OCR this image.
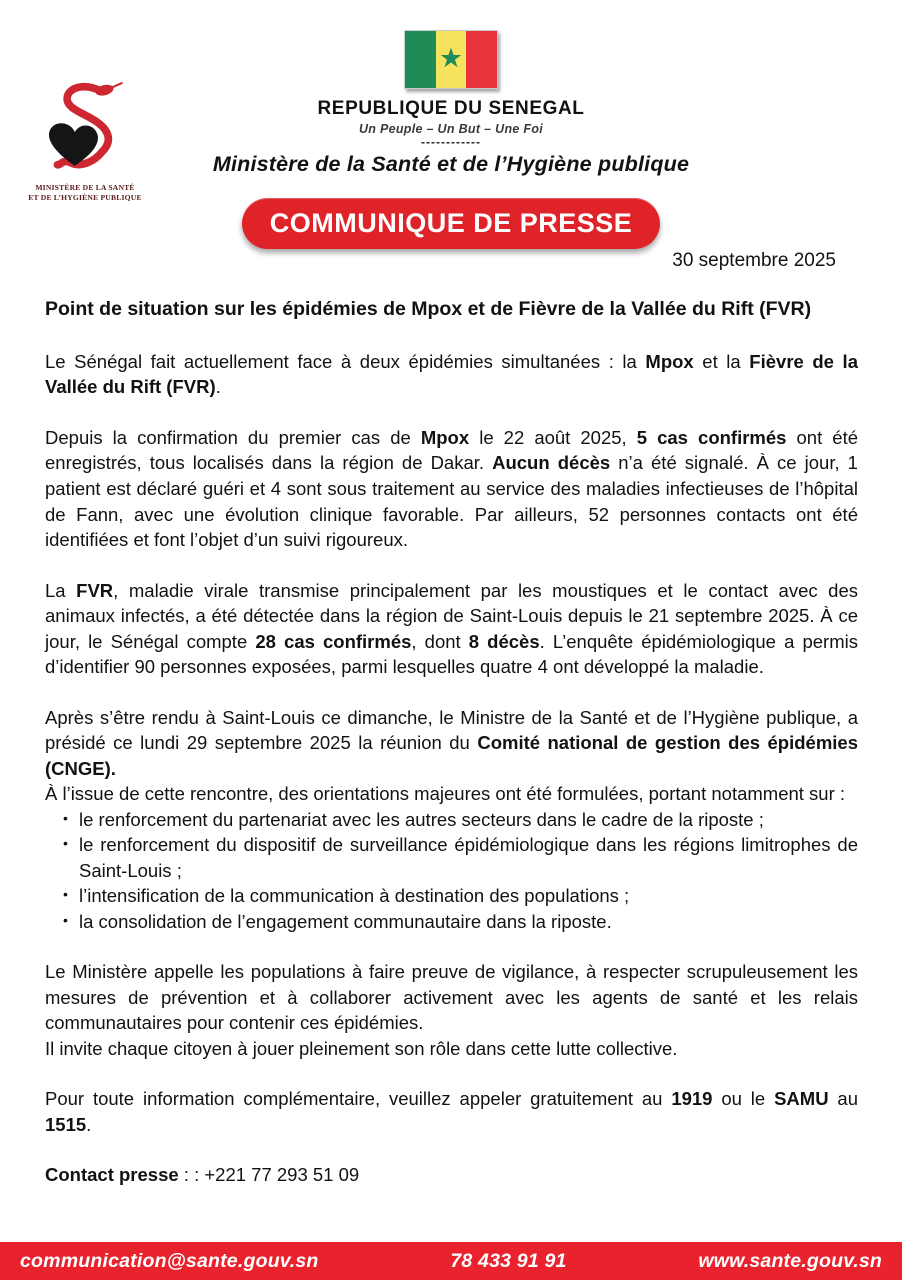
MINISTÈRE DE LA SANTÉ
ET DE L’HYGIÈNE PUBLIQUE
★
REPUBLIQUE DU SENEGAL
Un Peuple – Un But – Une Foi
------------
Ministère de la Santé et de l’Hygiène publique
COMMUNIQUE DE PRESSE
30 septembre 2025
Point de situation sur les épidémies de Mpox et de Fièvre de la Vallée du Rift (FVR)

Le Sénégal fait actuellement face à deux épidémies simultanées : la Mpox et la Fièvre de la Vallée du Rift (FVR).

Depuis la confirmation du premier cas de Mpox le 22 août 2025, 5 cas confirmés ont été enregistrés, tous localisés dans la région de Dakar. Aucun décès n’a été signalé. À ce jour, 1 patient est déclaré guéri et 4 sont sous traitement au service des maladies infectieuses de l’hôpital de Fann, avec une évolution clinique favorable. Par ailleurs, 52 personnes contacts ont été identifiées et font l’objet d’un suivi rigoureux.

La FVR, maladie virale transmise principalement par les moustiques et le contact avec des animaux infectés, a été détectée dans la région de Saint-Louis depuis le 21 septembre 2025. À ce jour, le Sénégal compte 28 cas confirmés, dont 8 décès. L’enquête épidémiologique a permis d’identifier 90 personnes exposées, parmi lesquelles quatre 4 ont développé la maladie.

Après s’être rendu à Saint-Louis ce dimanche, le Ministre de la Santé et de l’Hygiène publique, a présidé ce lundi 29 septembre 2025 la réunion du Comité national de gestion des épidémies (CNGE).

À l’issue de cette rencontre, des orientations majeures ont été formulées, portant notamment sur :

• le renforcement du partenariat avec les autres secteurs dans le cadre de la riposte ;
• le renforcement du dispositif de surveillance épidémiologique dans les régions limitrophes de Saint-Louis ;
• l’intensification de la communication à destination des populations ;
• la consolidation de l’engagement communautaire dans la riposte.

Le Ministère appelle les populations à faire preuve de vigilance, à respecter scrupuleusement les mesures de prévention et à collaborer activement avec les agents de santé et les relais communautaires pour contenir ces épidémies.

Il invite chaque citoyen à jouer pleinement son rôle dans cette lutte collective.

Pour toute information complémentaire, veuillez appeler gratuitement au 1919 ou le SAMU au 1515.

Contact presse : : +221 77 293 51 09

communication@sante.gouv.sn	78 433 91 91	www.sante.gouv.sn
